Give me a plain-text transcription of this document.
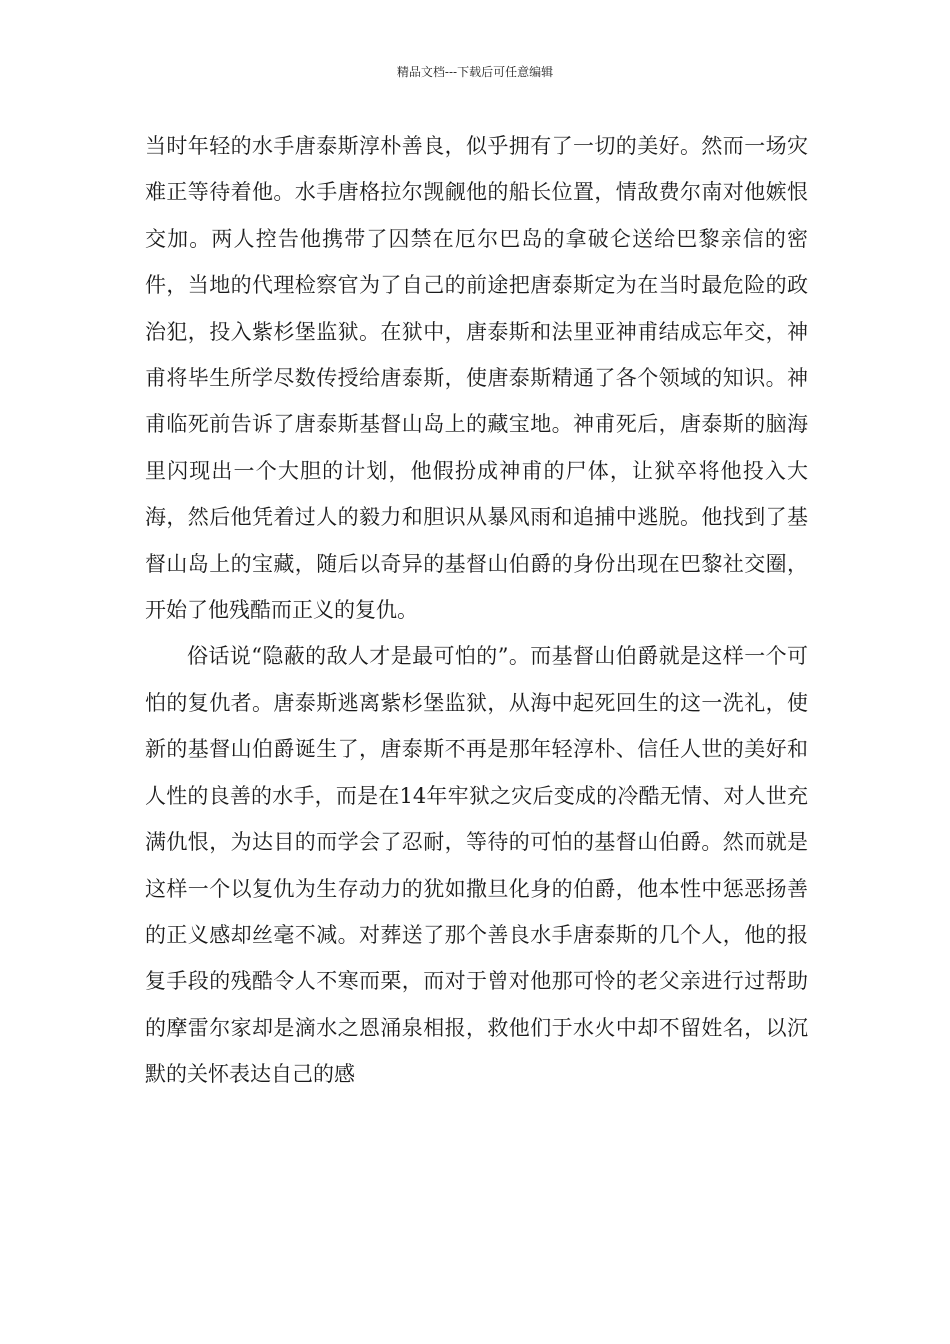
精品文档---下载后可任意编辑

当时年轻的水手唐泰斯淳朴善良，似乎拥有了一切的美好。然而一场灾难正等待着他。水手唐格拉尔觊觎他的船长位置，情敌费尔南对他嫉恨交加。两人控告他携带了囚禁在厄尔巴岛的拿破仑送给巴黎亲信的密件，当地的代理检察官为了自己的前途把唐泰斯定为在当时最危险的政治犯，投入紫杉堡监狱。在狱中，唐泰斯和法里亚神甫结成忘年交，神甫将毕生所学尽数传授给唐泰斯，使唐泰斯精通了各个领域的知识。神甫临死前告诉了唐泰斯基督山岛上的藏宝地。神甫死后，唐泰斯的脑海里闪现出一个大胆的计划，他假扮成神甫的尸体，让狱卒将他投入大海，然后他凭着过人的毅力和胆识从暴风雨和追捕中逃脱。他找到了基督山岛上的宝藏，随后以奇异的基督山伯爵的身份出现在巴黎社交圈，开始了他残酷而正义的复仇。

俗话说“隐蔽的敌人才是最可怕的”。而基督山伯爵就是这样一个可怕的复仇者。唐泰斯逃离紫杉堡监狱，从海中起死回生的这一洗礼，使新的基督山伯爵诞生了，唐泰斯不再是那年轻淳朴、信任人世的美好和人性的良善的水手，而是在14年牢狱之灾后变成的冷酷无情、对人世充满仇恨，为达目的而学会了忍耐，等待的可怕的基督山伯爵。然而就是这样一个以复仇为生存动力的犹如撒旦化身的伯爵，他本性中惩恶扬善的正义感却丝毫不减。对葬送了那个善良水手唐泰斯的几个人，他的报复手段的残酷令人不寒而栗，而对于曾对他那可怜的老父亲进行过帮助的摩雷尔家却是滴水之恩涌泉相报，救他们于水火中却不留姓名，以沉默的关怀表达自己的感
